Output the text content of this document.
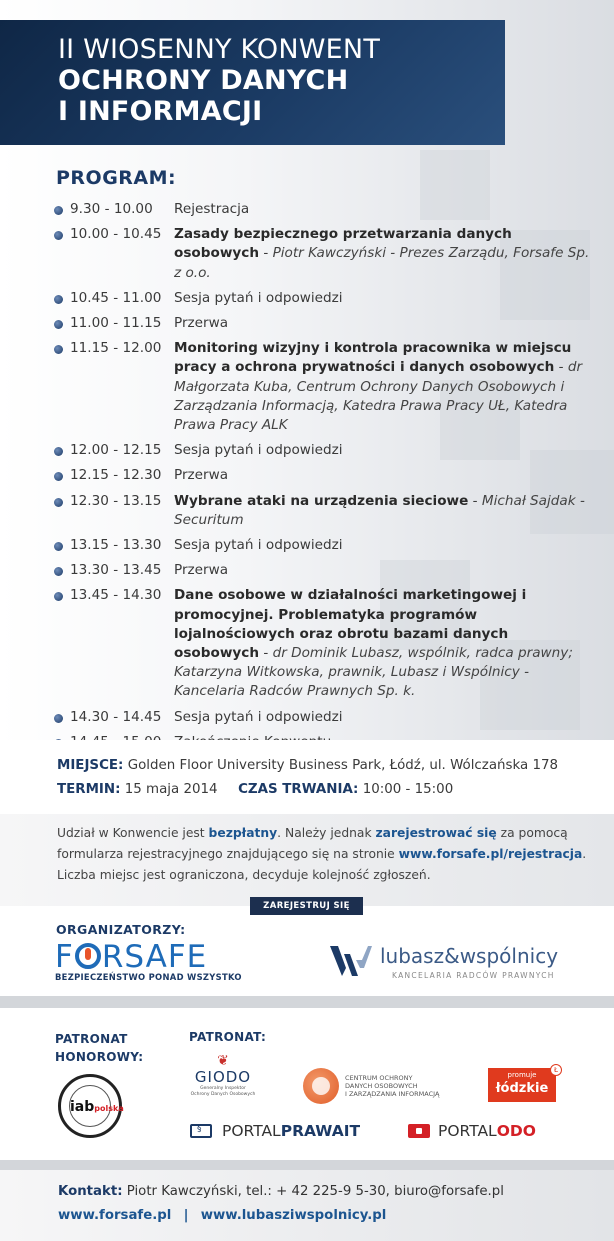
II WIOSENNY KONWENT
OCHRONY DANYCH
I INFORMACJI
PROGRAM:
9.30 - 10.00 Rejestracja
10.00 - 10.45 Zasady bezpiecznego przetwarzania danych osobowych - Piotr Kawczyński - Prezes Zarządu, Forsafe Sp. z o.o.
10.45 - 11.00 Sesja pytań i odpowiedzi
11.00 - 11.15 Przerwa
11.15 - 12.00 Monitoring wizyjny i kontrola pracownika w miejscu pracy a ochrona prywatności i danych osobowych - dr Małgorzata Kuba, Centrum Ochrony Danych Osobowych i Zarządzania Informacją, Katedra Prawa Pracy UŁ, Katedra Prawa Pracy ALK
12.00 - 12.15 Sesja pytań i odpowiedzi
12.15 - 12.30 Przerwa
12.30 - 13.15 Wybrane ataki na urządzenia sieciowe - Michał Sajdak - Securitum
13.15 - 13.30 Sesja pytań i odpowiedzi
13.30 - 13.45 Przerwa
13.45 - 14.30 Dane osobowe w działalności marketingowej i promocyjnej. Problematyka programów lojalnościowych oraz obrotu bazami danych osobowych - dr Dominik Lubasz, wspólnik, radca prawny; Katarzyna Witkowska, prawnik, Lubasz i Wspólnicy - Kancelaria Radców Prawnych Sp. k.
14.30 - 14.45 Sesja pytań i odpowiedzi
MIEJSCE: Golden Floor University Business Park, Łódź, ul. Wólczańska 178
TERMIN: 15 maja 2014 CZAS TRWANIA: 10:00 - 15:00
Udział w Konwencie jest bezpłatny. Należy jednak zarejestrować się za pomocą
formularza rejestracyjnego znajdującego się na stronie www.forsafe.pl/rejestracja.
Liczba miejsc jest ograniczona, decyduje kolejność zgłoszeń.
ORGANIZATORZY:
F RSAFE
BEZPIECZEŃSTWO PONAD WSZYSTKO
lubasz&wspólnicy
KANCELARIA RADCÓW PRAWNYCH
ZAREJESTRUJ SIĘ
PATRONAT
HONOROWY:
PATRONAT:
iabpolska
❦
GIODO
Generalny Inspektor Ochrony Danych Osobowych
CENTRUM OCHRONY
DANYCH OSOBOWYCH
I ZARZĄDZANIA INFORMACJĄ
promuje
łódzkie
Ł
§PORTALPRAWAIT	PORTALODO
Kontakt: Piotr Kawczyński, tel.: + 42 225-9 5-30, biuro@forsafe.pl
www.forsafe.pl | www.lubasziwspolnicy.pl
